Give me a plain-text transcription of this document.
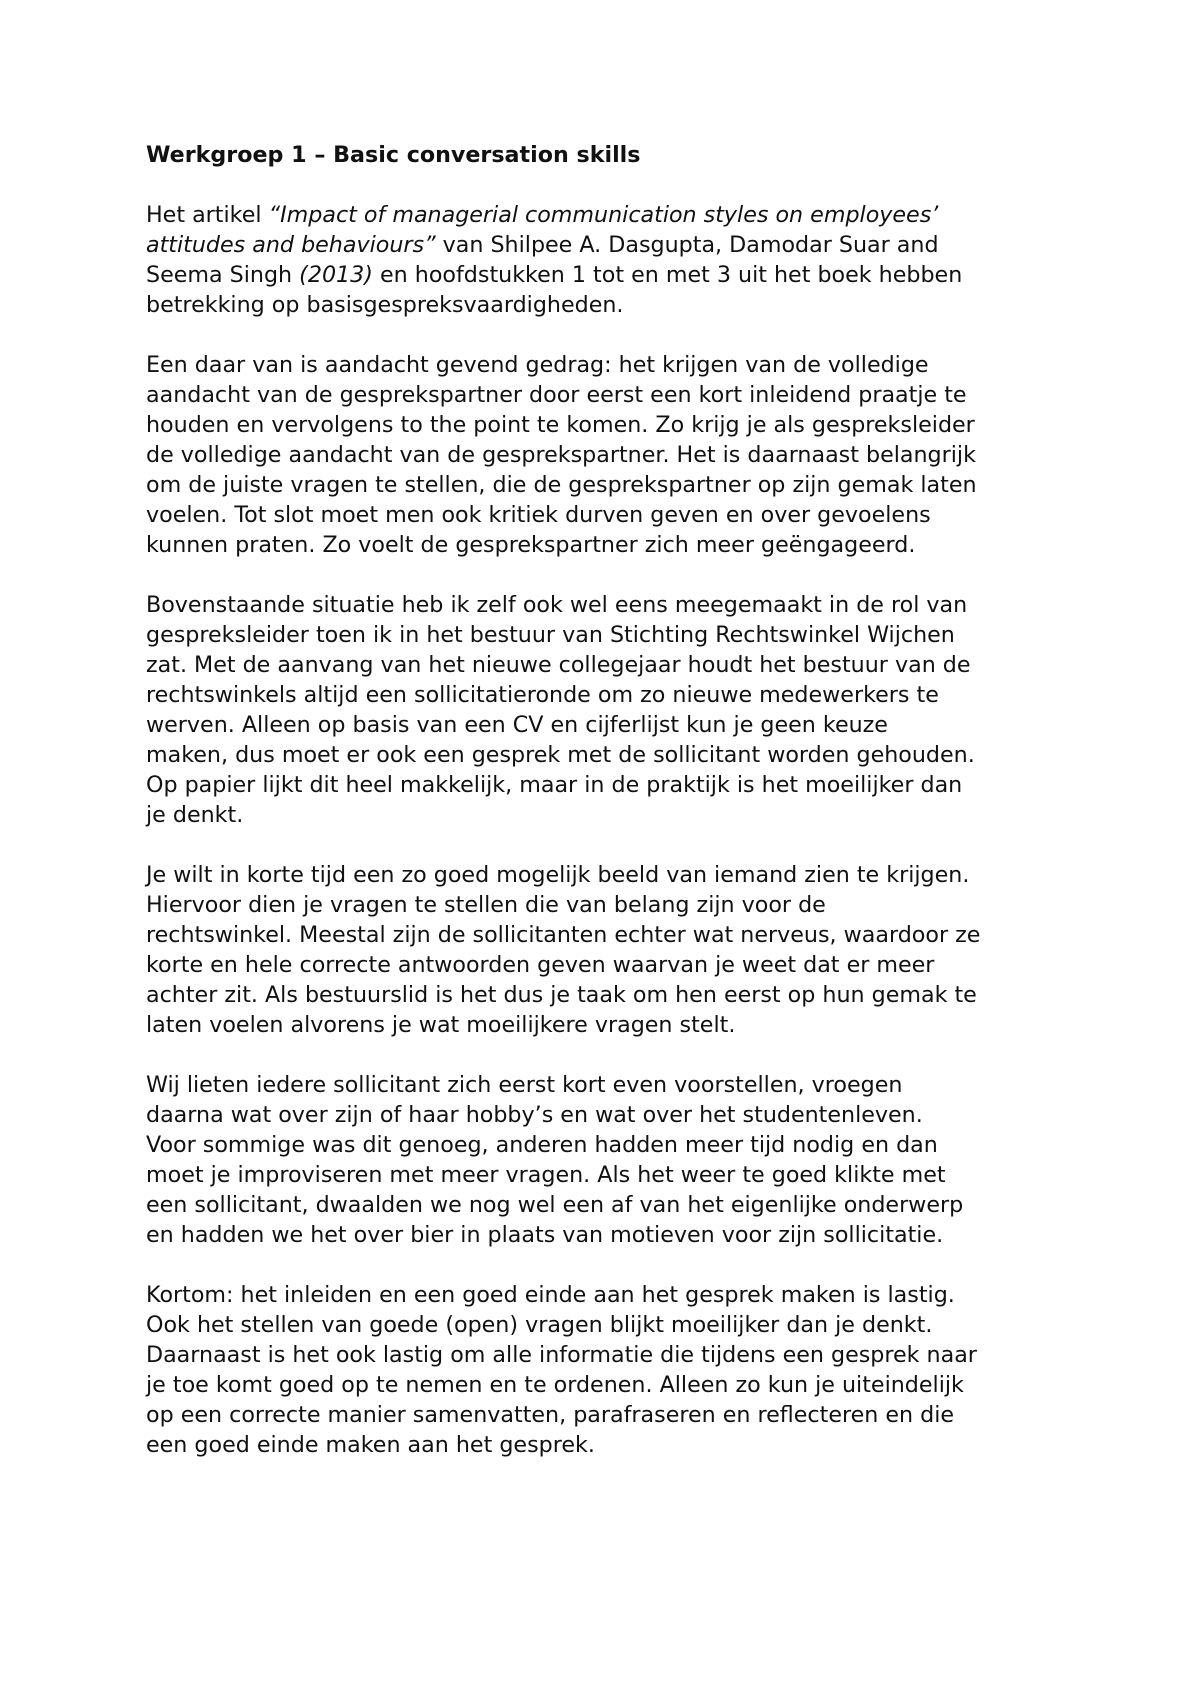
Werkgroep 1 – Basic conversation skills
Het artikel “Impact of managerial communication styles on employees’
attitudes and behaviours” van Shilpee A. Dasgupta, Damodar Suar and
Seema Singh (2013) en hoofdstukken 1 tot en met 3 uit het boek hebben
betrekking op basisgespreksvaardigheden.
Een daar van is aandacht gevend gedrag: het krijgen van de volledige
aandacht van de gesprekspartner door eerst een kort inleidend praatje te
houden en vervolgens to the point te komen. Zo krijg je als gespreksleider
de volledige aandacht van de gesprekspartner. Het is daarnaast belangrijk
om de juiste vragen te stellen, die de gesprekspartner op zijn gemak laten
voelen. Tot slot moet men ook kritiek durven geven en over gevoelens
kunnen praten. Zo voelt de gesprekspartner zich meer geëngageerd.
Bovenstaande situatie heb ik zelf ook wel eens meegemaakt in de rol van
gespreksleider toen ik in het bestuur van Stichting Rechtswinkel Wijchen
zat. Met de aanvang van het nieuwe collegejaar houdt het bestuur van de
rechtswinkels altijd een sollicitatieronde om zo nieuwe medewerkers te
werven. Alleen op basis van een CV en cijferlijst kun je geen keuze
maken, dus moet er ook een gesprek met de sollicitant worden gehouden.
Op papier lijkt dit heel makkelijk, maar in de praktijk is het moeilijker dan
je denkt.
Je wilt in korte tijd een zo goed mogelijk beeld van iemand zien te krijgen.
Hiervoor dien je vragen te stellen die van belang zijn voor de
rechtswinkel. Meestal zijn de sollicitanten echter wat nerveus, waardoor ze
korte en hele correcte antwoorden geven waarvan je weet dat er meer
achter zit. Als bestuurslid is het dus je taak om hen eerst op hun gemak te
laten voelen alvorens je wat moeilijkere vragen stelt.
Wij lieten iedere sollicitant zich eerst kort even voorstellen, vroegen
daarna wat over zijn of haar hobby’s en wat over het studentenleven.
Voor sommige was dit genoeg, anderen hadden meer tijd nodig en dan
moet je improviseren met meer vragen. Als het weer te goed klikte met
een sollicitant, dwaalden we nog wel een af van het eigenlijke onderwerp
en hadden we het over bier in plaats van motieven voor zijn sollicitatie.
Kortom: het inleiden en een goed einde aan het gesprek maken is lastig.
Ook het stellen van goede (open) vragen blijkt moeilijker dan je denkt.
Daarnaast is het ook lastig om alle informatie die tijdens een gesprek naar
je toe komt goed op te nemen en te ordenen. Alleen zo kun je uiteindelijk
op een correcte manier samenvatten, parafraseren en reflecteren en die
een goed einde maken aan het gesprek.
